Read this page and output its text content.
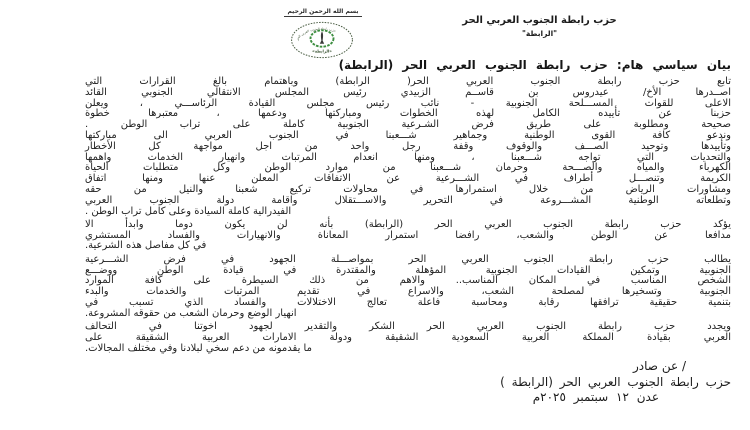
بسم الله الرحمن الرحيم
حزب رابطة الجنوب العربي الحر
«الرابطة»
حزب رابطة الجنوب العربي الحر
"الرابطة"
بيان سياسي هام: حزب رابطة الجنوب العربي الحر (الرابطة)
تابع حزب رابطة الجنوب العربي الحر( الرابطة) وباهتمام بالغ القرارات التي
اصــدرها الأخ/ عيدروس بن قاســم الزبيدي رئيس المجلس الانتقالي الجنوبي القائد
الاعلى للقوات المســـلحة الجنوبية - نائب رئيس مجلس القيادة الرئاســـي ، ويعلن
حزبنا عن تأييده الكامل لهذه الخطوات ومباركتها ودعمها ، معتبرها خطوة
صحيحة ومطلوبة على طريق فرض الشـرعية الجنوبية كاملة على تراب الوطن .
وندعو كافة القوى الوطنية وجماهير شـــعبنا في الجنوب العربي الى مباركتها
وتأييدها وتوحيد الصـــف والوقوف وقفة رجل واحد من اجل مواجهة كل الأخطار
والتحديات التي تواجه شـــعبنا ، ومنها انعدام المرتبات وانهيار الخدمات واهمها
الكهرباء والمياه والصـــحة وحرمان شـــعبنا من موارد الوطن وكل متطلبات الحياة
الكريمة وتنصـــل أطراف في الشـــرعية عن الاتفاقات المعلن عنها ومنها اتفاق
ومشاورات الرياض من خلال استمرارها في محاولات تركيع شعبنا والنيل من حقه
وتطلعاته الوطنية المشـــروعة في التحرير والاســـتقلال واقامة دولة الجنوب العربي
الفيدرالية كاملة السيادة وعلى كامل تراب الوطن .
يؤكد حزب رابطة الجنوب العربي الحر (الرابطة) بأنه لن يكون دوما وابدأ الا
مدافعا عن الوطن والشعب، رافضا استمرار المعاناة والانهيارات والفساد المستشري
في كل مفاصل هذه الشرعية.
يطالب حزب رابطة الجنوب العربي الحر بمواصـــلة الجهود في فرض الشـــرعية
الجنوبية وتمكين القيادات الجنوبية المؤهلة والمقتدرة في قيادة الوطن ووضـــع
الشخص المناسب في المكان المناسب.. والاهم من ذلك السيطرة على كافة الموارد
الجنوبية وتسخيرها لمصلحة الشعب، والاسراع في تقديم المرتبات والخدمات والبدء
بتنمية حقيقية ترافقها رقابة ومحاسبة فاعلة تعالج الاختلالات والفساد الذي تسبب في
انهيار الوضع وحرمان الشعب من حقوقه المشروعة.
ويجدد حزب رابطة الجنوب العربي الحر الشكر والتقدير لجهود اخوتنا في التحالف
العربي بقيادة المملكة العربية السعودية الشقيقة ودولة الامارات العربية الشقيقة على
ما يقدمونه من دعم سخي لبلادنا وفي مختلف المجالات.
صادر عن /
حزب رابطة الجنوب العربي الحر (الرابطة )
عدن ١٢ سبتمبر ٢٠٢٥م
